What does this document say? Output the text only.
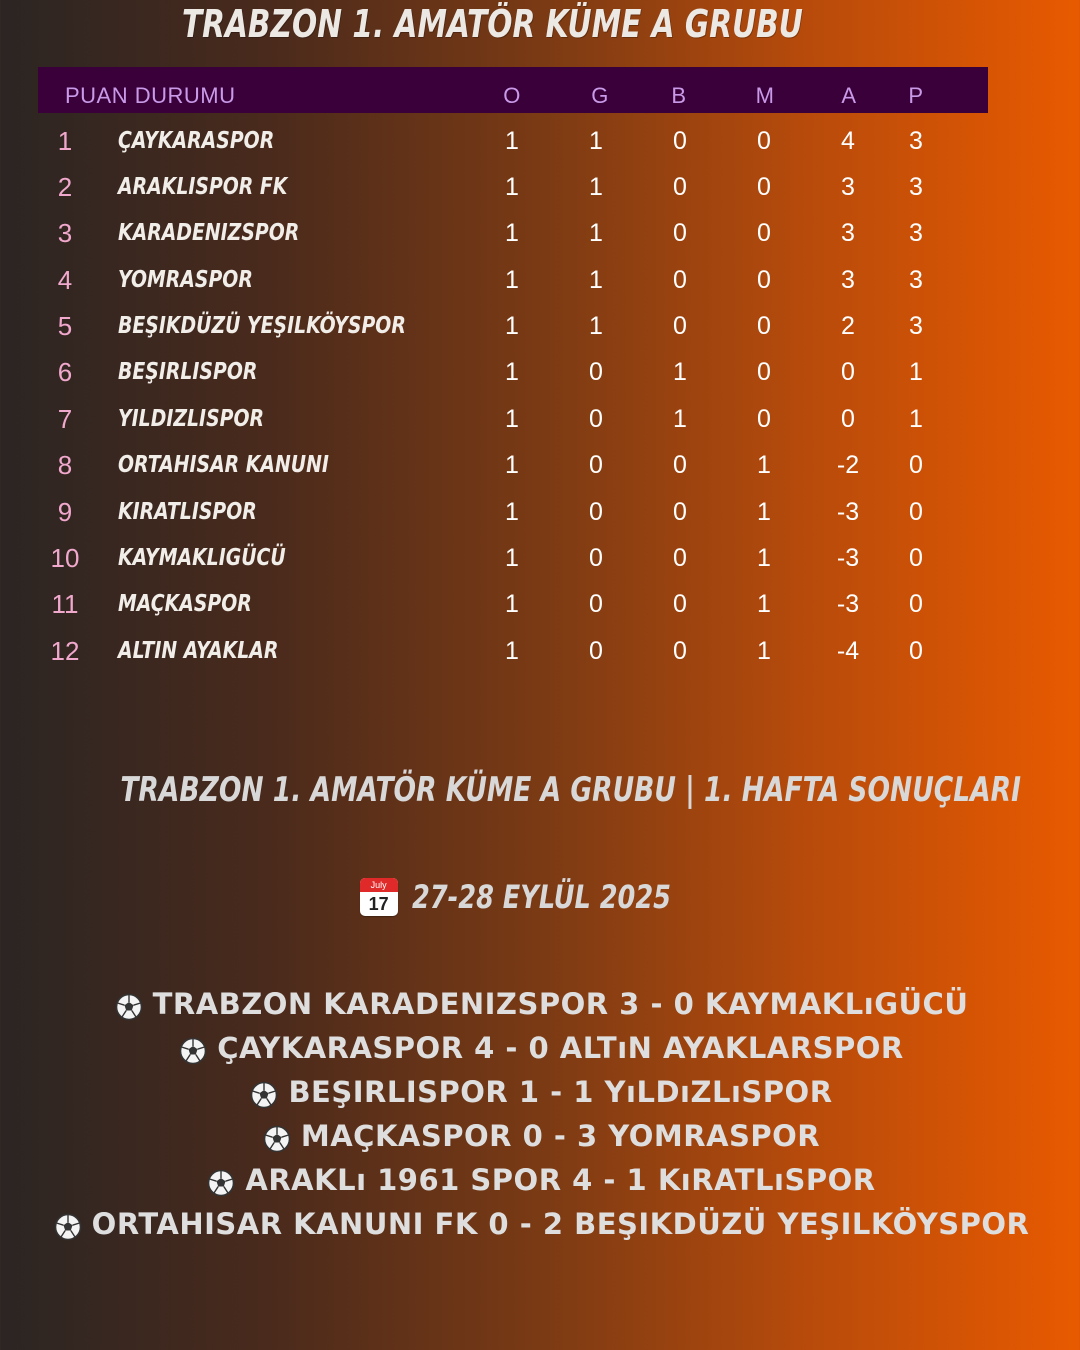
TRABZON 1. AMATÖR KÜME A GRUBU
PUAN DURUMU	O	G	B	M	A	P
1	ÇAYKARASPOR	1	1	0	0	4	3
2	ARAKLISPOR FK	1	1	0	0	3	3
3	KARADENIZSPOR	1	1	0	0	3	3
4	YOMRASPOR	1	1	0	0	3	3
5	BEŞIKDÜZÜ YEŞILKÖYSPOR	1	1	0	0	2	3
6	BEŞIRLISPOR	1	0	1	0	0	1
7	YILDIZLISPOR	1	0	1	0	0	1
8	ORTAHISAR KANUNI	1	0	0	1	-2	0
9	KIRATLISPOR	1	0	0	1	-3	0
10	KAYMAKLIGÜCÜ	1	0	0	1	-3	0
11	MAÇKASPOR	1	0	0	1	-3	0
12	ALTIN AYAKLAR	1	0	0	1	-4	0
TRABZON 1. AMATÖR KÜME A GRUBU | 1. HAFTA SONUÇLARI
July
17 27-28 EYLÜL 2025
TRABZON KARADENIZSPOR 3 - 0 KAYMAKLıGÜCÜ
ÇAYKARASPOR 4 - 0 ALTıN AYAKLARSPOR
BEŞIRLISPOR 1 - 1 YıLDıZLıSPOR
MAÇKASPOR 0 - 3 YOMRASPOR
ARAKLı 1961 SPOR 4 - 1 KıRATLıSPOR
ORTAHISAR KANUNI FK 0 - 2 BEŞIKDÜZÜ YEŞILKÖYSPOR
